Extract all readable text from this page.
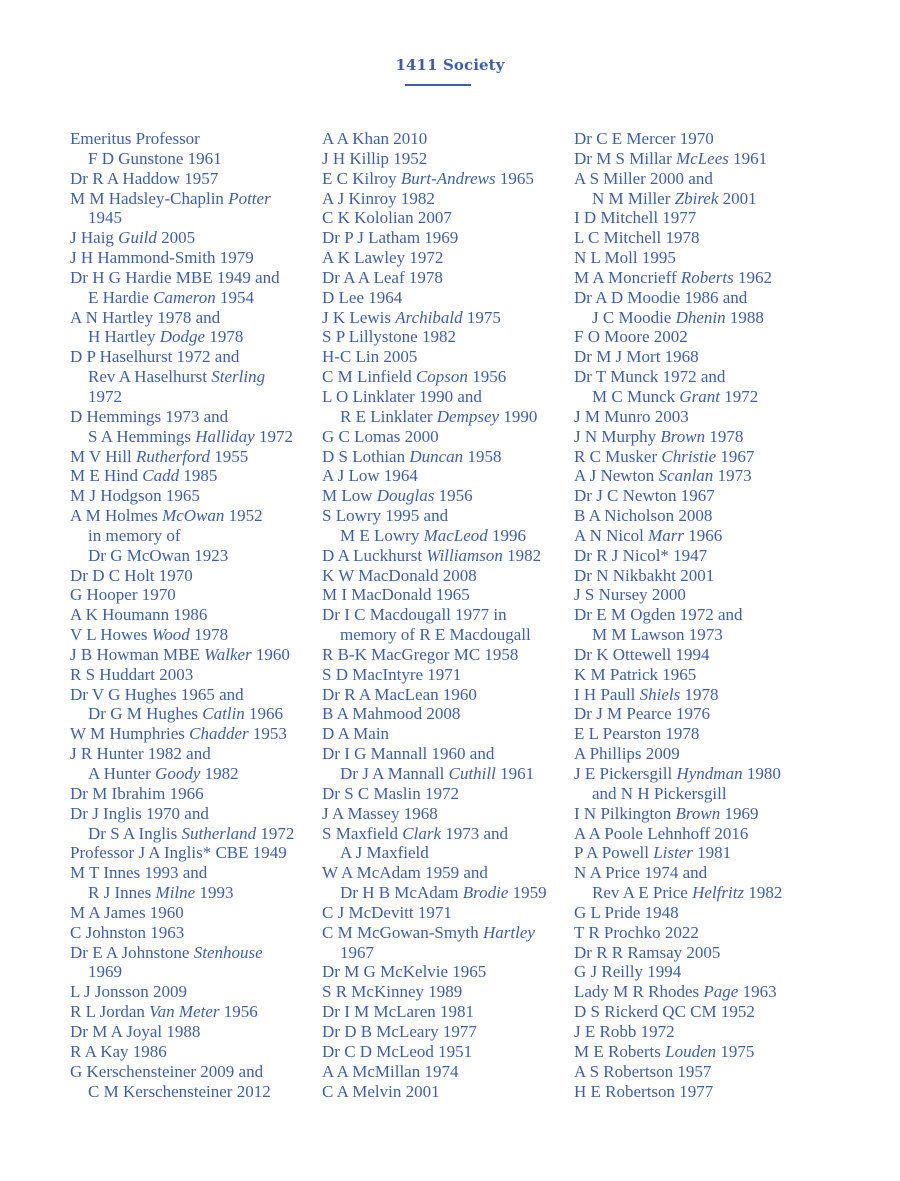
1411 Society
Emeritus Professor
F D Gunstone 1961
Dr R A Haddow 1957
M M Hadsley-Chaplin Potter
1945
J Haig Guild 2005
J H Hammond-Smith 1979
Dr H G Hardie MBE 1949 and
E Hardie Cameron 1954
A N Hartley 1978 and
H Hartley Dodge 1978
D P Haselhurst 1972 and
Rev A Haselhurst Sterling
1972
D Hemmings 1973 and
S A Hemmings Halliday 1972
M V Hill Rutherford 1955
M E Hind Cadd 1985
M J Hodgson 1965
A M Holmes McOwan 1952
in memory of
Dr G McOwan 1923
Dr D C Holt 1970
G Hooper 1970
A K Houmann 1986
V L Howes Wood 1978
J B Howman MBE Walker 1960
R S Huddart 2003
Dr V G Hughes 1965 and
Dr G M Hughes Catlin 1966
W M Humphries Chadder 1953
J R Hunter 1982 and
A Hunter Goody 1982
Dr M Ibrahim 1966
Dr J Inglis 1970 and
Dr S A Inglis Sutherland 1972
Professor J A Inglis* CBE 1949
M T Innes 1993 and
R J Innes Milne 1993
M A James 1960
C Johnston 1963
Dr E A Johnstone Stenhouse
1969
L J Jonsson 2009
R L Jordan Van Meter 1956
Dr M A Joyal 1988
R A Kay 1986
G Kerschensteiner 2009 and
C M Kerschensteiner 2012
A A Khan 2010
J H Killip 1952
E C Kilroy Burt-Andrews 1965
A J Kinroy 1982
C K Kololian 2007
Dr P J Latham 1969
A K Lawley 1972
Dr A A Leaf 1978
D Lee 1964
J K Lewis Archibald 1975
S P Lillystone 1982
H-C Lin 2005
C M Linfield Copson 1956
L O Linklater 1990 and
R E Linklater Dempsey 1990
G C Lomas 2000
D S Lothian Duncan 1958
A J Low 1964
M Low Douglas 1956
S Lowry 1995 and
M E Lowry MacLeod 1996
D A Luckhurst Williamson 1982
K W MacDonald 2008
M I MacDonald 1965
Dr I C Macdougall 1977 in
memory of R E Macdougall
R B-K MacGregor MC 1958
S D MacIntyre 1971
Dr R A MacLean 1960
B A Mahmood 2008
D A Main
Dr I G Mannall 1960 and
Dr J A Mannall Cuthill 1961
Dr S C Maslin 1972
J A Massey 1968
S Maxfield Clark 1973 and
A J Maxfield
W A McAdam 1959 and
Dr H B McAdam Brodie 1959
C J McDevitt 1971
C M McGowan-Smyth Hartley
1967
Dr M G McKelvie 1965
S R McKinney 1989
Dr I M McLaren 1981
Dr D B McLeary 1977
Dr C D McLeod 1951
A A McMillan 1974
C A Melvin 2001
Dr C E Mercer 1970
Dr M S Millar McLees 1961
A S Miller 2000 and
N M Miller Zbirek 2001
I D Mitchell 1977
L C Mitchell 1978
N L Moll 1995
M A Moncrieff Roberts 1962
Dr A D Moodie 1986 and
J C Moodie Dhenin 1988
F O Moore 2002
Dr M J Mort 1968
Dr T Munck 1972 and
M C Munck Grant 1972
J M Munro 2003
J N Murphy Brown 1978
R C Musker Christie 1967
A J Newton Scanlan 1973
Dr J C Newton 1967
B A Nicholson 2008
A N Nicol Marr 1966
Dr R J Nicol* 1947
Dr N Nikbakht 2001
J S Nursey 2000
Dr E M Ogden 1972 and
M M Lawson 1973
Dr K Ottewell 1994
K M Patrick 1965
I H Paull Shiels 1978
Dr J M Pearce 1976
E L Pearston 1978
A Phillips 2009
J E Pickersgill Hyndman 1980
and N H Pickersgill
I N Pilkington Brown 1969
A A Poole Lehnhoff 2016
P A Powell Lister 1981
N A Price 1974 and
Rev A E Price Helfritz 1982
G L Pride 1948
T R Prochko 2022
Dr R R Ramsay 2005
G J Reilly 1994
Lady M R Rhodes Page 1963
D S Rickerd QC CM 1952
J E Robb 1972
M E Roberts Louden 1975
A S Robertson 1957
H E Robertson 1977
